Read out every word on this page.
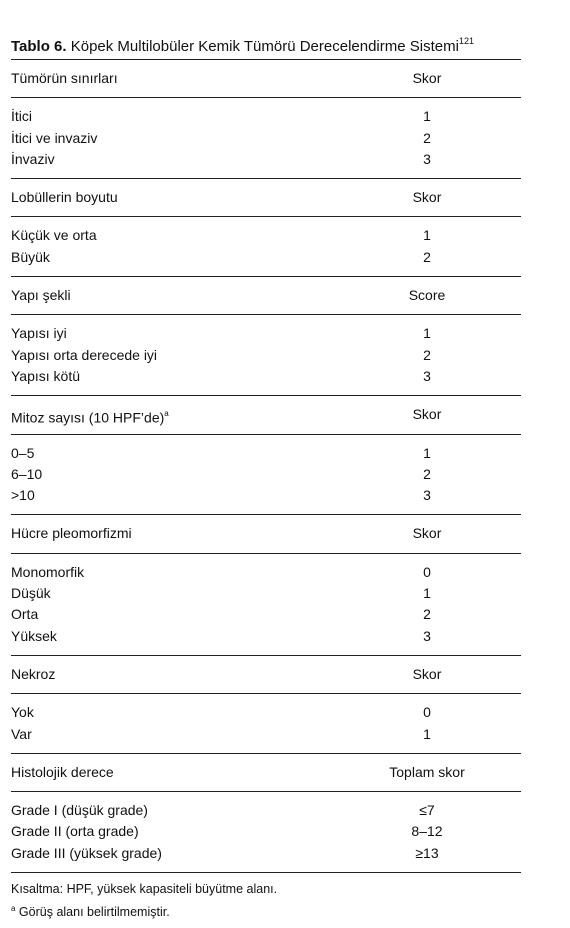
Tablo 6. Köpek Multilobüler Kemik Tümörü Derecelendirme Sistemi$^{121}$
Tümörün sınırları	Skor
İtici	1
İtici ve invaziv	2
İnvaziv	3
Lobüllerin boyutu	Skor
Küçük ve orta	1
Büyük	2
Yapı şekli	Score
Yapısı iyi	1
Yapısı orta derecede iyi	2
Yapısı kötü	3
Mitoz sayısı (10 HPF’de)$^a$	Skor
0–5	1
6–10	2
>10	3
Hücre pleomorfizmi	Skor
Monomorfik	0
Düşük	1
Orta	2
Yüksek	3
Nekroz	Skor
Yok	0
Var	1
Histolojik derece	Toplam skor
Grade I (düşük grade)	≤7
Grade II (orta grade)	8–12
Grade III (yüksek grade)	≥13
Kısaltma: HPF, yüksek kapasiteli büyütme alanı.
$^a$ Görüş alanı belirtilmemiştir.
